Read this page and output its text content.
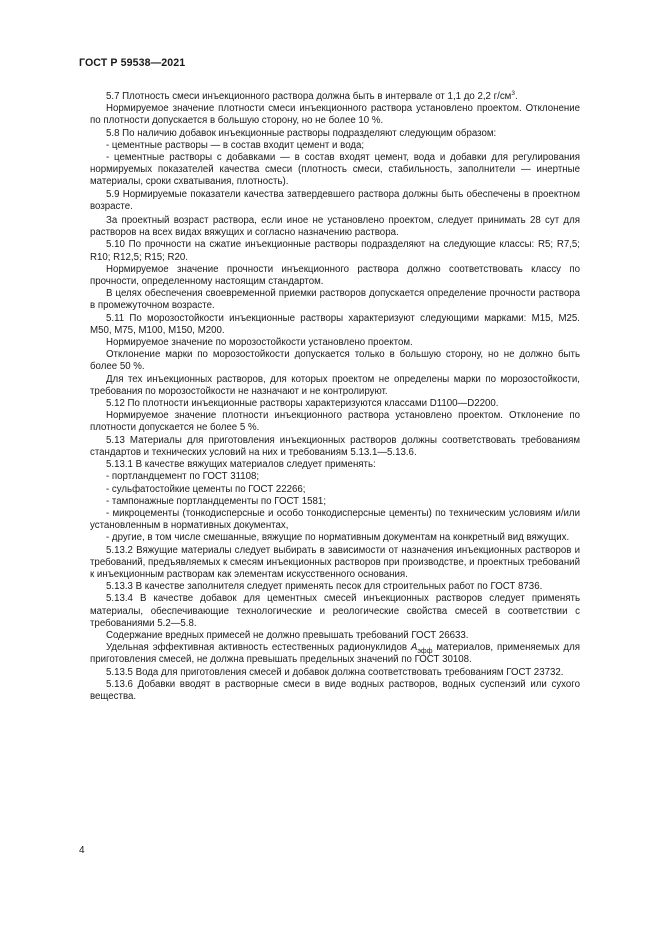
ГОСТ Р 59538—2021

5.7 Плотность смеси инъекционного раствора должна быть в интервале от 1,1 до 2,2 $г/см^3$.

Нормируемое значение плотности смеси инъекционного раствора установлено проектом. Отклонение по плотности допускается в большую сторону, но не более 10 %.

5.8 По наличию добавок инъекционные растворы подразделяют следующим образом:

- цементные растворы — в состав входит цемент и вода;

- цементные растворы с добавками — в состав входят цемент, вода и добавки для регулирования нормируемых показателей качества смеси (плотность смеси, стабильность, заполнители — инертные материалы, сроки схватывания, плотность).

5.9 Нормируемые показатели качества затвердевшего раствора должны быть обеспечены в проектном возрасте.

За проектный возраст раствора, если иное не установлено проектом, следует принимать 28 сут для растворов на всех видах вяжущих и согласно назначению раствора.

5.10 По прочности на сжатие инъекционные растворы подразделяют на следующие классы: R5; R7,5; R10; R12,5; R15; R20.

Нормируемое значение прочности инъекционного раствора должно соответствовать классу по прочности, определенному настоящим стандартом.

В целях обеспечения своевременной приемки растворов допускается определение прочности раствора в промежуточном возрасте.

5.11 По морозостойкости инъекционные растворы характеризуют следующими марками: М15, М25. М50, М75, М100, М150, М200.

Нормируемое значение по морозостойкости установлено проектом.

Отклонение марки по морозостойкости допускается только в большую сторону, но не должно быть более 50 %.

Для тех инъекционных растворов, для которых проектом не определены марки по морозостойкости, требования по морозостойкости не назначают и не контролируют.

5.12 По плотности инъекционные растворы характеризуются классами D1100—D2200.

Нормируемое значение плотности инъекционного раствора установлено проектом. Отклонение по плотности допускается не более 5 %.

5.13 Материалы для приготовления инъекционных растворов должны соответствовать требованиям стандартов и технических условий на них и требованиям 5.13.1—5.13.6.

5.13.1 В качестве вяжущих материалов следует применять:

- портландцемент по ГОСТ 31108;

- сульфатостойкие цементы по ГОСТ 22266;

- тампонажные портландцементы по ГОСТ 1581;

- микроцементы (тонкодисперсные и особо тонкодисперсные цементы) по техническим условиям и/или установленным в нормативных документах,

- другие, в том числе смешанные, вяжущие по нормативным документам на конкретный вид вяжущих.

5.13.2 Вяжущие материалы следует выбирать в зависимости от назначения инъекционных растворов и требований, предъявляемых к смесям инъекционных растворов при производстве, и проектных требований к инъекционным растворам как элементам искусственного основания.

5.13.3 В качестве заполнителя следует применять песок для строительных работ по ГОСТ 8736.

5.13.4 В качестве добавок для цементных смесей инъекционных растворов следует применять материалы, обеспечивающие технологические и реологические свойства смесей в соответствии с требованиями 5.2—5.8.

Содержание вредных примесей не должно превышать требований ГОСТ 26633.

Удельная эффективная активность естественных радионуклидов $А_{эфф}$ материалов, применяемых для приготовления смесей, не должна превышать предельных значений по ГОСТ 30108.

5.13.5 Вода для приготовления смесей и добавок должна соответствовать требованиям ГОСТ 23732.

5.13.6 Добавки вводят в растворные смеси в виде водных растворов, водных суспензий или сухого вещества.

4
